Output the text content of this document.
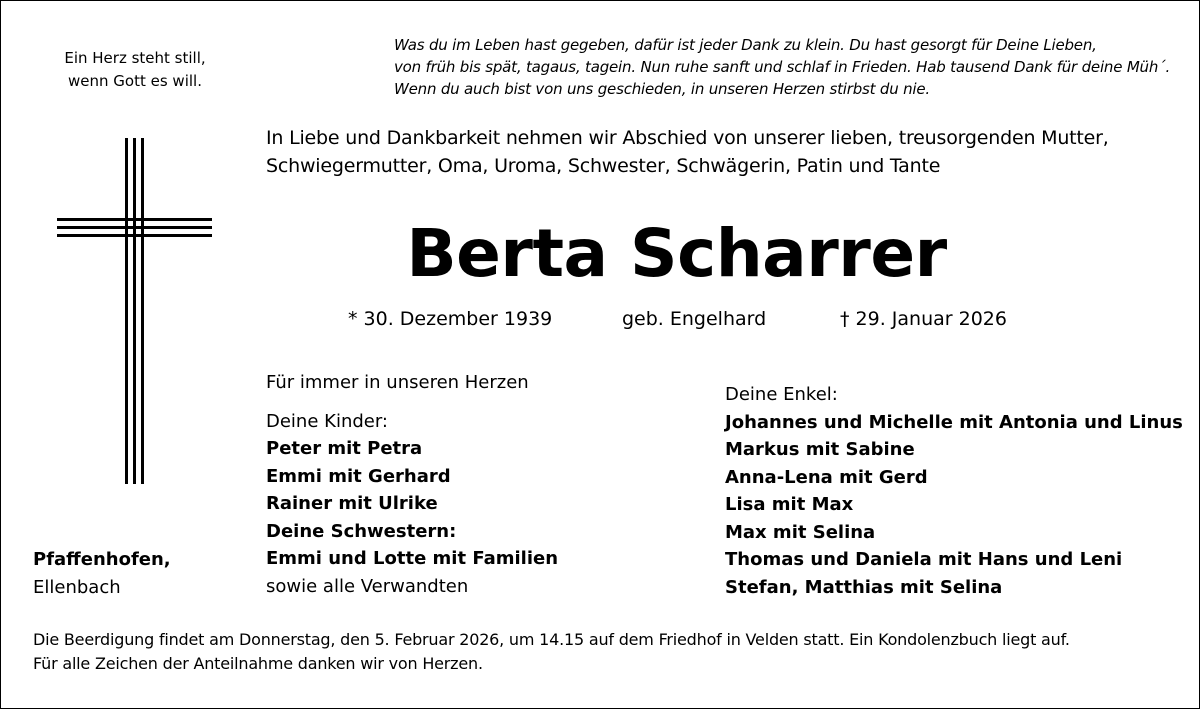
Ein Herz steht still,
wenn Gott es will.
Was du im Leben hast gegeben, dafür ist jeder Dank zu klein. Du hast gesorgt für Deine Lieben,
von früh bis spät, tagaus, tagein. Nun ruhe sanft und schlaf in Frieden. Hab tausend Dank für deine Müh´.
Wenn du auch bist von uns geschieden, in unseren Herzen stirbst du nie.
In Liebe und Dankbarkeit nehmen wir Abschied von unserer lieben, treusorgenden Mutter,
Schwiegermutter, Oma, Uroma, Schwester, Schwägerin, Patin und Tante
Berta Scharrer
* 30. Dezember 1939	geb. Engelhard	† 29. Januar 2026
Für immer in unseren Herzen
Deine Kinder:
Peter mit Petra
Emmi mit Gerhard
Rainer mit Ulrike
Deine Schwestern:
Emmi und Lotte mit Familien
sowie alle Verwandten
Deine Enkel:
Johannes und Michelle mit Antonia und Linus
Markus mit Sabine
Anna-Lena mit Gerd
Lisa mit Max
Max mit Selina
Thomas und Daniela mit Hans und Leni
Stefan, Matthias mit Selina
Pfaffenhofen,
Ellenbach
Die Beerdigung findet am Donnerstag, den 5. Februar 2026, um 14.15 auf dem Friedhof in Velden statt. Ein Kondolenzbuch liegt auf.
Für alle Zeichen der Anteilnahme danken wir von Herzen.
